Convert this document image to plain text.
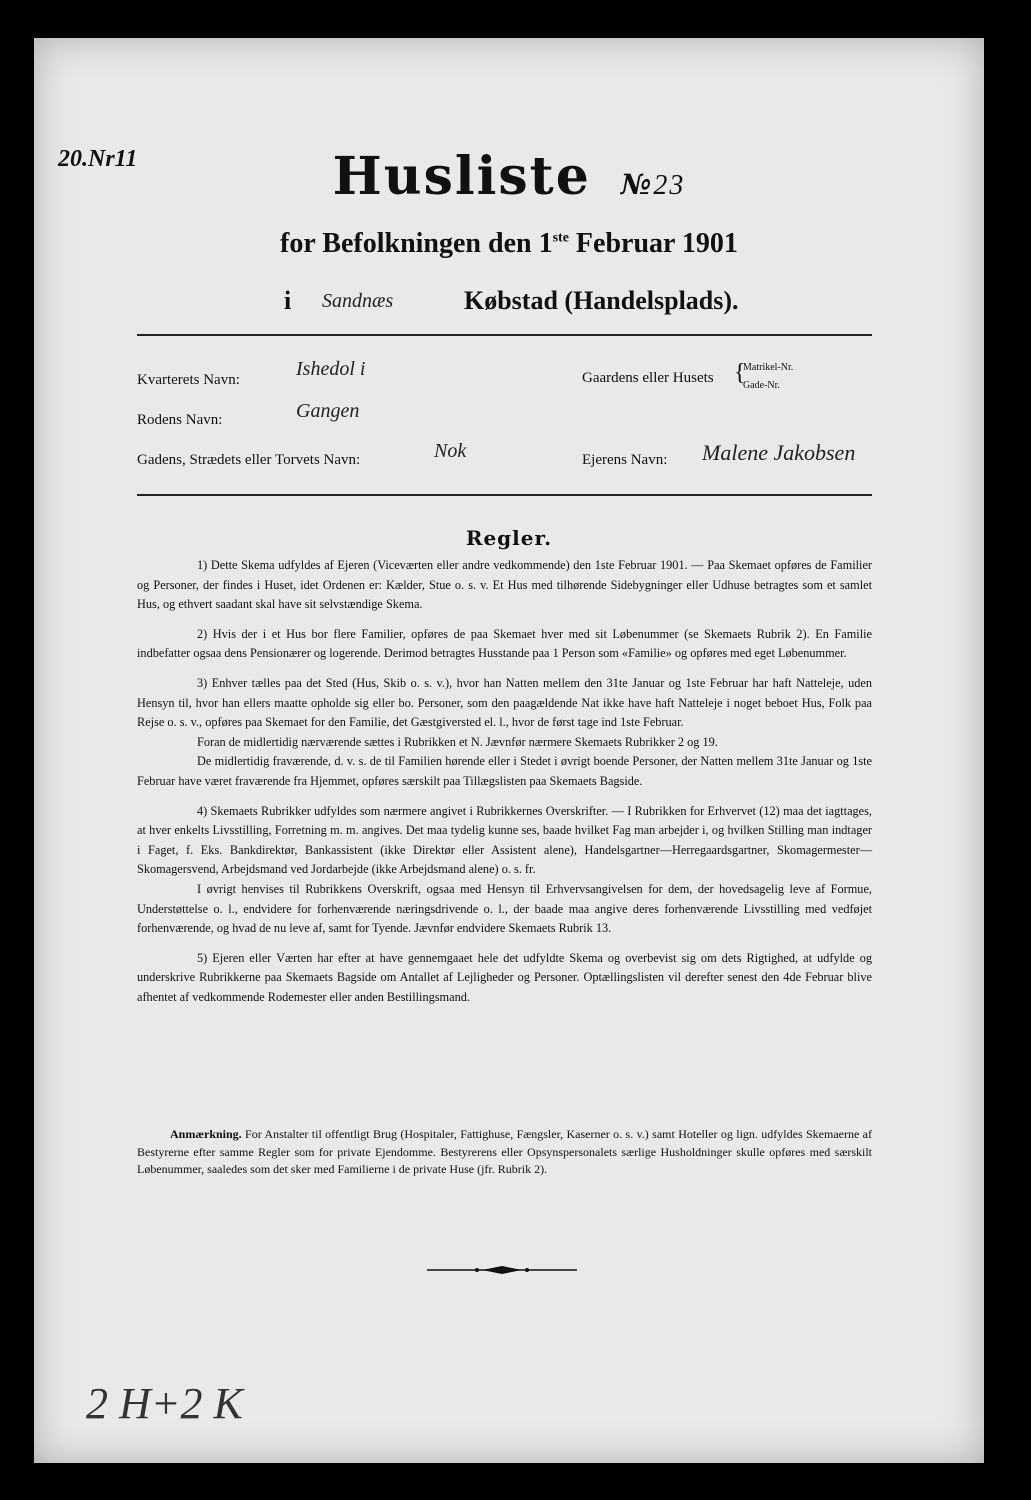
20.Nr11	Husliste №23
for Befolkningen den 1ste Februar 1901
i Sandnæs	Købstad (Handelsplads).
Kvarterets Navn:	Ishedol i	Gaardens eller Husets {
Matrikel-Nr.
Gade-Nr.
Rodens Navn:	Gangen
Gadens, Strædets eller Torvets Navn:	Nok	Ejerens Navn: Malene Jakobsen
Regler.

1) Dette Skema udfyldes af Ejeren (Viceværten eller andre vedkommende) den 1ste Februar 1901. — Paa Skemaet opføres de Familier og Personer, der findes i Huset, idet Ordenen er: Kælder, Stue o. s. v. Et Hus med tilhørende Sidebygninger eller Udhuse betragtes som et samlet Hus, og ethvert saadant skal have sit selvstændige Skema.

2) Hvis der i et Hus bor flere Familier, opføres de paa Skemaet hver med sit Løbenummer (se Skemaets Rubrik 2). En Familie indbefatter ogsaa dens Pensionærer og logerende. Derimod betragtes Husstande paa 1 Person som «Familie» og opføres med eget Løbenummer.

3) Enhver tælles paa det Sted (Hus, Skib o. s. v.), hvor han Natten mellem den 31te Januar og 1ste Februar har haft Natteleje, uden Hensyn til, hvor han ellers maatte opholde sig eller bo. Personer, som den paagældende Nat ikke have haft Natteleje i noget beboet Hus, Folk paa Rejse o. s. v., opføres paa Skemaet for den Familie, det Gæstgiversted el. l., hvor de først tage ind 1ste Februar.

Foran de midlertidig nærværende sættes i Rubrikken et N. Jævnfør nærmere Skemaets Rubrikker 2 og 19.

De midlertidig fraværende, d. v. s. de til Familien hørende eller i Stedet i øvrigt boende Personer, der Natten mellem 31te Januar og 1ste Februar have været fraværende fra Hjemmet, opføres særskilt paa Tillægslisten paa Skemaets Bagside.

4) Skemaets Rubrikker udfyldes som nærmere angivet i Rubrikkernes Overskrifter. — I Rubrikken for Erhvervet (12) maa det iagttages, at hver enkelts Livsstilling, Forretning m. m. angives. Det maa tydelig kunne ses, baade hvilket Fag man arbejder i, og hvilken Stilling man indtager i Faget, f. Eks. Bankdirektør, Bankassistent (ikke Direktør eller Assistent alene), Handelsgartner—Herregaardsgartner, Skomagermester—Skomagersvend, Arbejdsmand ved Jordarbejde (ikke Arbejdsmand alene) o. s. fr.

I øvrigt henvises til Rubrikkens Overskrift, ogsaa med Hensyn til Erhvervsangivelsen for dem, der hovedsagelig leve af Formue, Understøttelse o. l., endvidere for forhenværende næringsdrivende o. l., der baade maa angive deres forhenværende Livsstilling med vedføjet forhenværende, og hvad de nu leve af, samt for Tyende. Jævnfør endvidere Skemaets Rubrik 13.

5) Ejeren eller Værten har efter at have gennemgaaet hele det udfyldte Skema og overbevist sig om dets Rigtighed, at udfylde og underskrive Rubrikkerne paa Skemaets Bagside om Antallet af Lejligheder og Personer. Optællingslisten vil derefter senest den 4de Februar blive afhentet af vedkommende Rodemester eller anden Bestillingsmand.

Anmærkning. For Anstalter til offentligt Brug (Hospitaler, Fattighuse, Fængsler, Kaserner o. s. v.) samt Hoteller og lign. udfyldes Skemaerne af Bestyrerne efter samme Regler som for private Ejendomme. Bestyrerens eller Opsynspersonalets særlige Husholdninger skulle opføres med særskilt Løbenummer, saaledes som det sker med Familierne i de private Huse (jfr. Rubrik 2).
2 H+2 K
